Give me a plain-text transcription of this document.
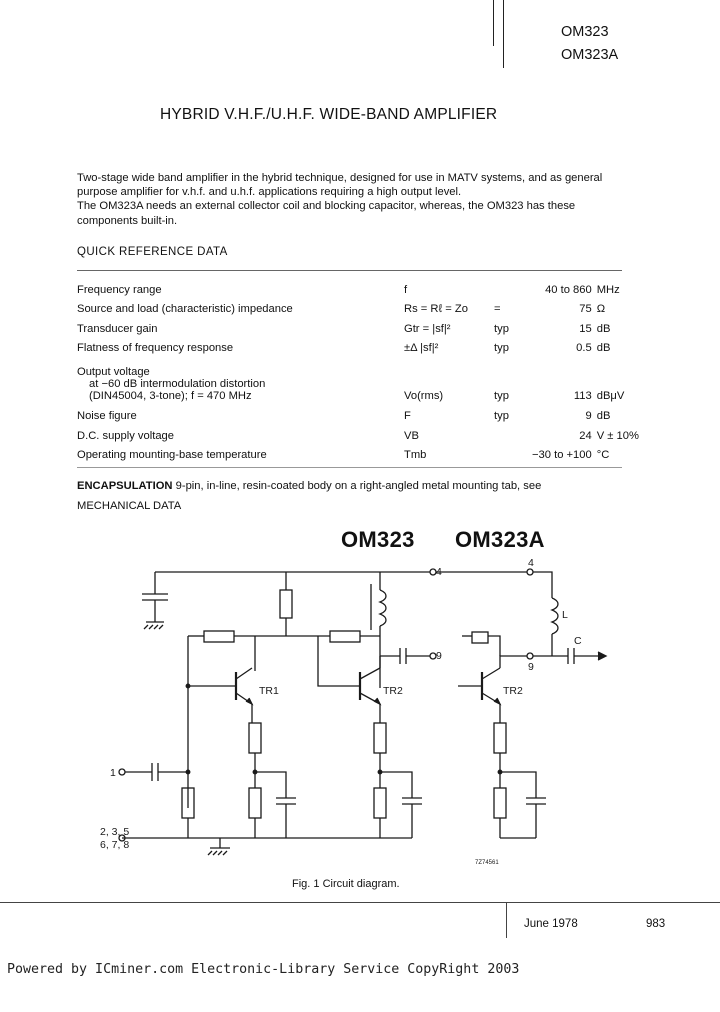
OM323
OM323A
HYBRID V.H.F./U.H.F. WIDE-BAND AMPLIFIER
Two-stage wide band amplifier in the hybrid technique, designed for use in MATV systems, and as general purpose amplifier for v.h.f. and u.h.f. applications requiring a high output level.
The OM323A needs an external collector coil and blocking capacitor, whereas, the OM323 has these components built-in.
QUICK REFERENCE DATA
Frequency range	f		40 to 860	MHz
Source and load (characteristic) impedance	Rs = Rℓ = Zo	=	75	Ω
Transducer gain	Gtr = |sf|²	typ	15	dB
Flatness of frequency response	±Δ |sf|²	typ	0.5	dB

Output voltage
at −60 dB intermodulation distortion
(DIN45004, 3-tone); f = 470 MHz	Vo(rms)	typ	113	dBμV
Noise figure	F	typ	9	dB
D.C. supply voltage	VB		24	V ± 10%
Operating mounting-base temperature	Tmb		−30 to +100	°C
ENCAPSULATION 9-pin, in-line, resin-coated body on a right-angled metal mounting tab, see MECHANICAL DATA
OM323 OM323A
4
4
9
9
1
2, 3, 5
6, 7, 8
TR1	TR2	TR2
L
C
7Z74561
Fig. 1 Circuit diagram.
June 1978	983
Powered by ICminer.com Electronic-Library Service CopyRight 2003
